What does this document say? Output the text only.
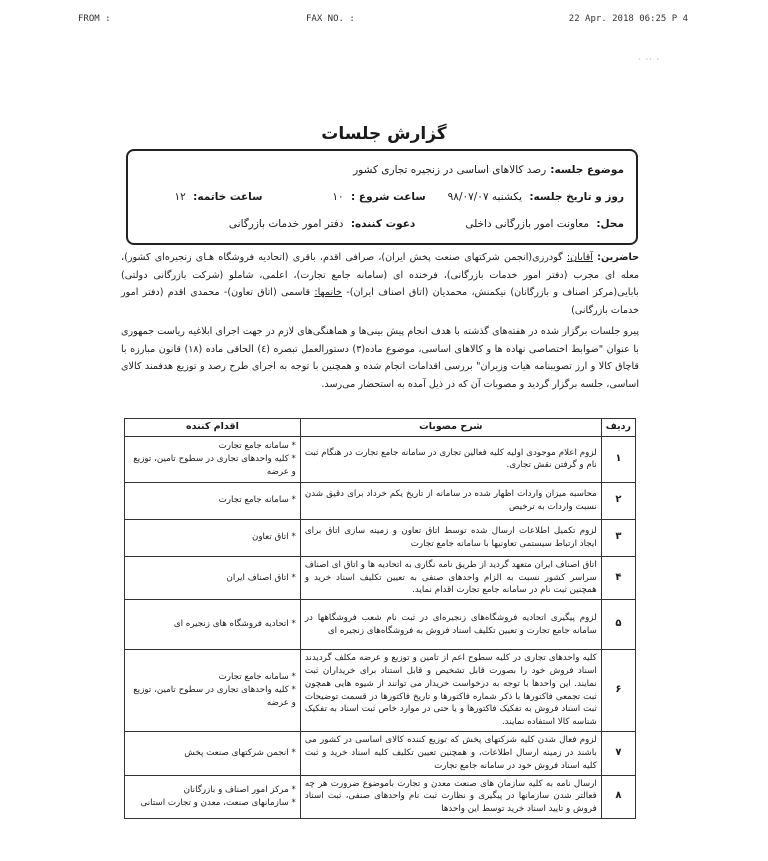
FROM :	FAX NO. :	22 Apr. 2018 06:25 P 4
· ·· ·
گزارش جلسات
موضوع جلسه:
رصد کالاهای اساسی در زنجیره تجاری کشور
روز و تاریخ جلسه: یکشنبه ۹۸/۰۷/۰۷
ساعت شروع : ۱۰
ساعت خاتمه: ۱۲
محل: معاونت امور بازرگانی داخلی
دعوت کننده: دفتر امور خدمات بازرگانی
حاضرین: آقایان: گودرزی(انجمن شرکتهای صنعت پخش ایران)، صرافی اقدم، باقری (اتحادیه فروشگاه هـای زنجیره‌ای کشور)، معله ای مجرب (دفتر امور خدمات بازرگانی)، فرخنده ای (سامانه جامع تجارت)، اعلمی، شاملو (شرکت بازرگانی دولتی) بابایی(مرکز اصناف و بازرگانان) نیکمنش، محمدیان (اتاق اصناف ایران)- خانمها: قاسمی (اتاق تعاون)- محمدی اقدم (دفتر امور خدمات بازرگانی)
پیرو جلسات برگزار شده در هفته‌های گذشته با هدف انجام پیش بینی‌ها و هماهنگی‌های لازم در جهت اجرای ابلاغیه ریاست جمهوری با عنوان "ضوابط اختصاصی نهاده ها و کالاهای اساسی، موضوع ماده(۳) دستورالعمل تبصره (٤) الحاقی ماده (۱۸) قانون مبارزه با قاچاق کالا و ارز تصویبنامه هیات وزیران" بررسی اقدامات انجام شده و همچنین با توجه به اجرای طرح رصد و توزیع هدفمند کالای اساسی، جلسه برگزار گردید و مصوبات آن که در ذیل آمده به استحضار می‌رسد.
ردیف	شرح مصوبات	اقدام کننده
۱	لزوم اعلام موجودی اولیه کلیه فعالین تجاری در سامانه جامع تجارت در هنگام ثبت نام و گرفتن نقش تجاری.	* سامانه جامع تجارت
* کلیه واحدهای تجاری در سطوح تامین، توزیع و عرضه

۲	محاسبه میزان واردات اظهار شده در سامانه از تاریخ یکم خرداد برای دقیق شدن نسبت واردات به ترخیص	* سامانه جامع تجارت

۳	لزوم تکمیل اطلاعات ارسال شده توسط اتاق تعاون و زمینه سازی اتاق برای ایجاد ارتباط سیستمی تعاونیها با سامانه جامع تجارت	* اتاق تعاون

۴	اتاق اصناف ایران متعهد گردید از طریق نامه نگاری به اتحادیه ها و اتاق ای اصناف سراسر کشور نسبت به الزام واحدهای صنفی به تعیین تکلیف اسناد خرید و همچنین ثبت نام در سامانه جامع تجارت اقدام نماید.	* اتاق اصناف ایران

۵	لزوم پیگیری اتحادیه فروشگاه‌های زنجیره‌ای در ثبت نام شعب فروشگاهها در سامانه جامع تجارت و تعیین تکلیف اسناد فروش به فروشگاه‌های زنجیره ای	* اتحادیه فروشگاه های زنجیره ای

۶	کلیه واحدهای تجاری در کلیه سطوح اعم از تامین و توزیع و عرضه مکلف گردیدند اسناد فروش خود را بصورت قابل تشخیص و قابل استناد برای خریداران ثبت نمایند. این واحدها با توجه به درخواست خریدار می توانند از شیوه هایی همچون ثبت تجمعی فاکتورها با ذکر شماره فاکتورها و تاریخ فاکتورها در قسمت توضیحات ثبت اسناد فروش به تفکیک فاکتورها و یا حتی در موارد خاص ثبت اسناد به تفکیک شناسه کالا استفاده نمایند.	* سامانه جامع تجارت
* کلیه واحدهای تجاری در سطوح تامین، توزیع و عرضه

۷	لزوم فعال شدن کلیه شرکتهای پخش که توزیع کننده کالای اساسی در کشور می باشند در زمینه ارسال اطلاعات، و همچنین تعیین تکلیف کلیه اسناد خرید و ثبت کلیه اسناد فروش خود در سامانه جامع تجارت	* انجمن شرکتهای صنعت پخش

۸	ارسال نامه به کلیه سازمان های صنعت معدن و تجارت باموضوع ضرورت هر چه فعالتر شدن سازمانها در پیگیری و نظارت ثبت نام واحدهای صنفی، ثبت اسناد فروش و تایید اسناد خرید توسط این واحدها	* مرکز امور اصناف و بازرگانان
* سازمانهای صنعت، معدن و تجارت استانی
